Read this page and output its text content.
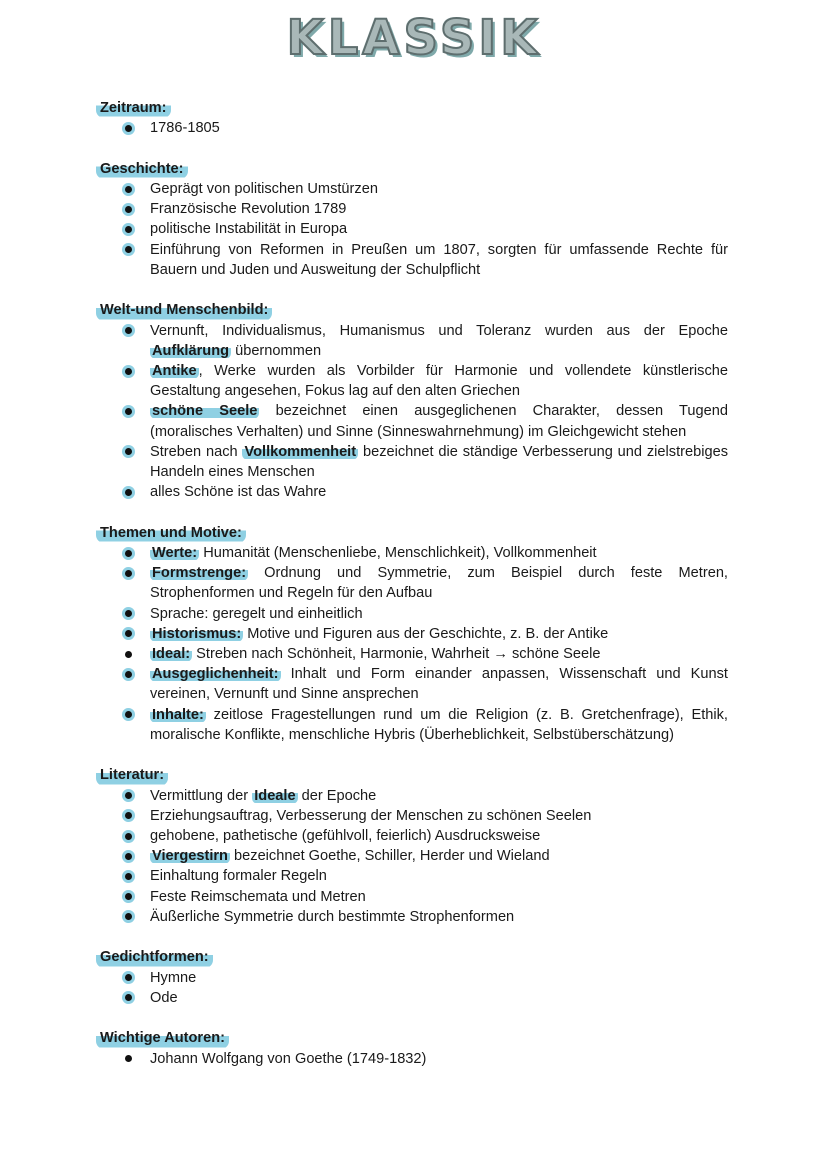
KLASSIK
Zeitraum:
1786-1805
Geschichte:
Geprägt von politischen Umstürzen
Französische Revolution 1789
politische Instabilität in Europa
Einführung von Reformen in Preußen um 1807, sorgten für umfassende Rechte für Bauern und Juden und Ausweitung der Schulpflicht
Welt-und Menschenbild:
Vernunft, Individualismus, Humanismus und Toleranz wurden aus der Epoche Aufklärung übernommen
Antike , Werke wurden als Vorbilder für Harmonie und vollendete künstlerische Gestaltung angesehen, Fokus lag auf den alten Griechen
schöne Seele bezeichnet einen ausgeglichenen Charakter, dessen Tugend (moralisches Verhalten) und Sinne (Sinneswahrnehmung) im Gleichgewicht stehen
Streben nach Vollkommenheit bezeichnet die ständige Verbesserung und zielstrebiges Handeln eines Menschen
alles Schöne ist das Wahre
Themen und Motive:
Werte: Humanität (Menschenliebe, Menschlichkeit), Vollkommenheit
Formstrenge: Ordnung und Symmetrie, zum Beispiel durch feste Metren, Strophenformen und Regeln für den Aufbau
Sprache: geregelt und einheitlich
Historismus: Motive und Figuren aus der Geschichte, z. B. der Antike
Ideal: Streben nach Schönheit, Harmonie, Wahrheit → schöne Seele
Ausgeglichenheit: Inhalt und Form einander anpassen, Wissenschaft und Kunst vereinen, Vernunft und Sinne ansprechen
Inhalte: zeitlose Fragestellungen rund um die Religion (z. B. Gretchenfrage), Ethik, moralische Konflikte, menschliche Hybris (Überheblichkeit, Selbstüberschätzung)
Literatur:
Vermittlung der Ideale der Epoche
Erziehungsauftrag, Verbesserung der Menschen zu schönen Seelen
gehobene, pathetische (gefühlvoll, feierlich) Ausdrucksweise
Viergestirn bezeichnet Goethe, Schiller, Herder und Wieland
Einhaltung formaler Regeln
Feste Reimschemata und Metren
Äußerliche Symmetrie durch bestimmte Strophenformen
Gedichtformen:
Hymne
Ode
Wichtige Autoren:
Johann Wolfgang von Goethe (1749-1832)
